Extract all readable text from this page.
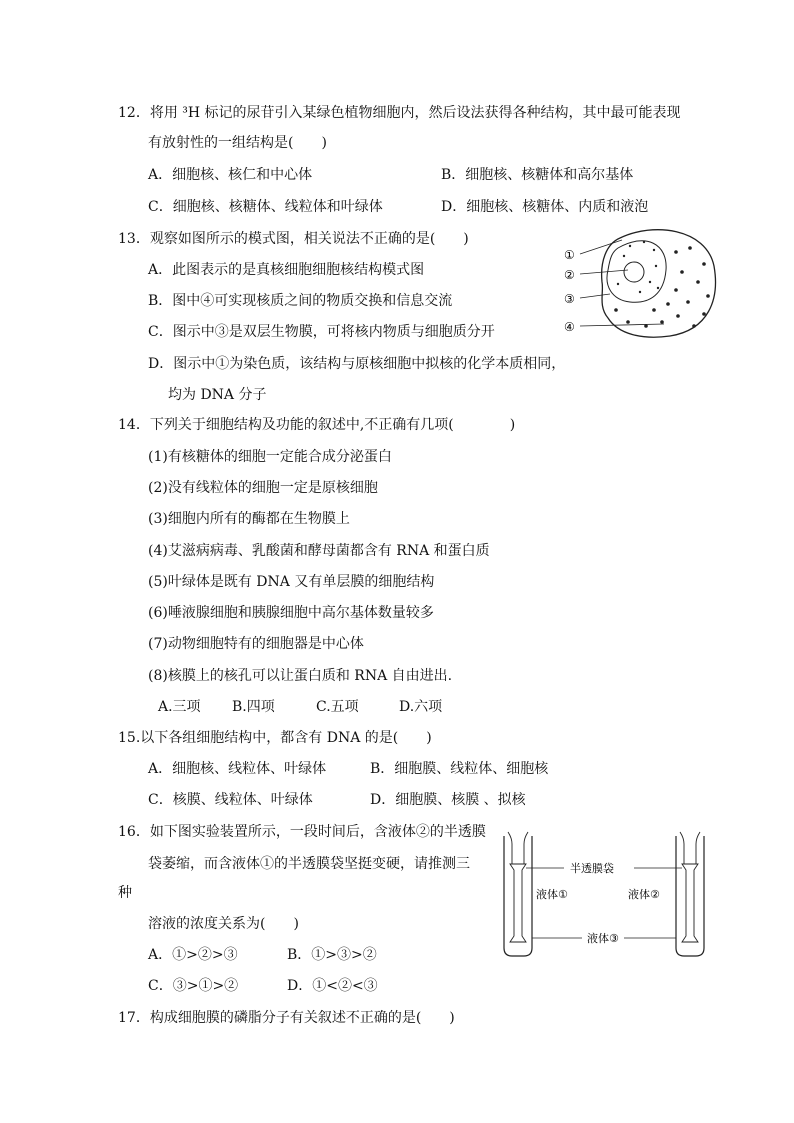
12．将用 ³H 标记的尿苷引入某绿色植物细胞内，然后设法获得各种结构，其中最可能表现
有放射性的一组结构是(　　)
A．细胞核、核仁和中心体	B．细胞核、核糖体和高尔基体
C．细胞核、核糖体、线粒体和叶绿体	D．细胞核、核糖体、内质和液泡
13．观察如图所示的模式图，相关说法不正确的是(　　)
A．此图表示的是真核细胞细胞核结构模式图
B．图中④可实现核质之间的物质交换和信息交流
C．图示中③是双层生物膜，可将核内物质与细胞质分开
D．图示中①为染色质，该结构与原核细胞中拟核的化学本质相同，
均为 DNA 分子
①
②
③
④
14．下列关于细胞结构及功能的叙述中,不正确有几项(　　　　)
(1)有核糖体的细胞一定能合成分泌蛋白
(2)没有线粒体的细胞一定是原核细胞
(3)细胞内所有的酶都在生物膜上
(4)艾滋病病毒、乳酸菌和酵母菌都含有 RNA 和蛋白质
(5)叶绿体是既有 DNA 又有单层膜的细胞结构
(6)唾液腺细胞和胰腺细胞中高尔基体数量较多
(7)动物细胞特有的细胞器是中心体
(8)核膜上的核孔可以让蛋白质和 RNA 自由进出.
A.三项 B.四项	C.五项	D.六项
15.以下各组细胞结构中，都含有 DNA 的是(　　)
A．细胞核、线粒体、叶绿体	B．细胞膜、线粒体、细胞核
C．核膜、线粒体、叶绿体	D．细胞膜、核膜 、拟核
16．如下图实验装置所示，一段时间后，含液体②的半透膜
袋萎缩，而含液体①的半透膜袋坚挺变硬，请推测三
种
溶液的浓度关系为(　　)
A．①>②>③	B．①>③>②
C．③>①>②	D．①<②<③
半透膜袋
液体①	液体②
液体③
17．构成细胞膜的磷脂分子有关叙述不正确的是(　　)
